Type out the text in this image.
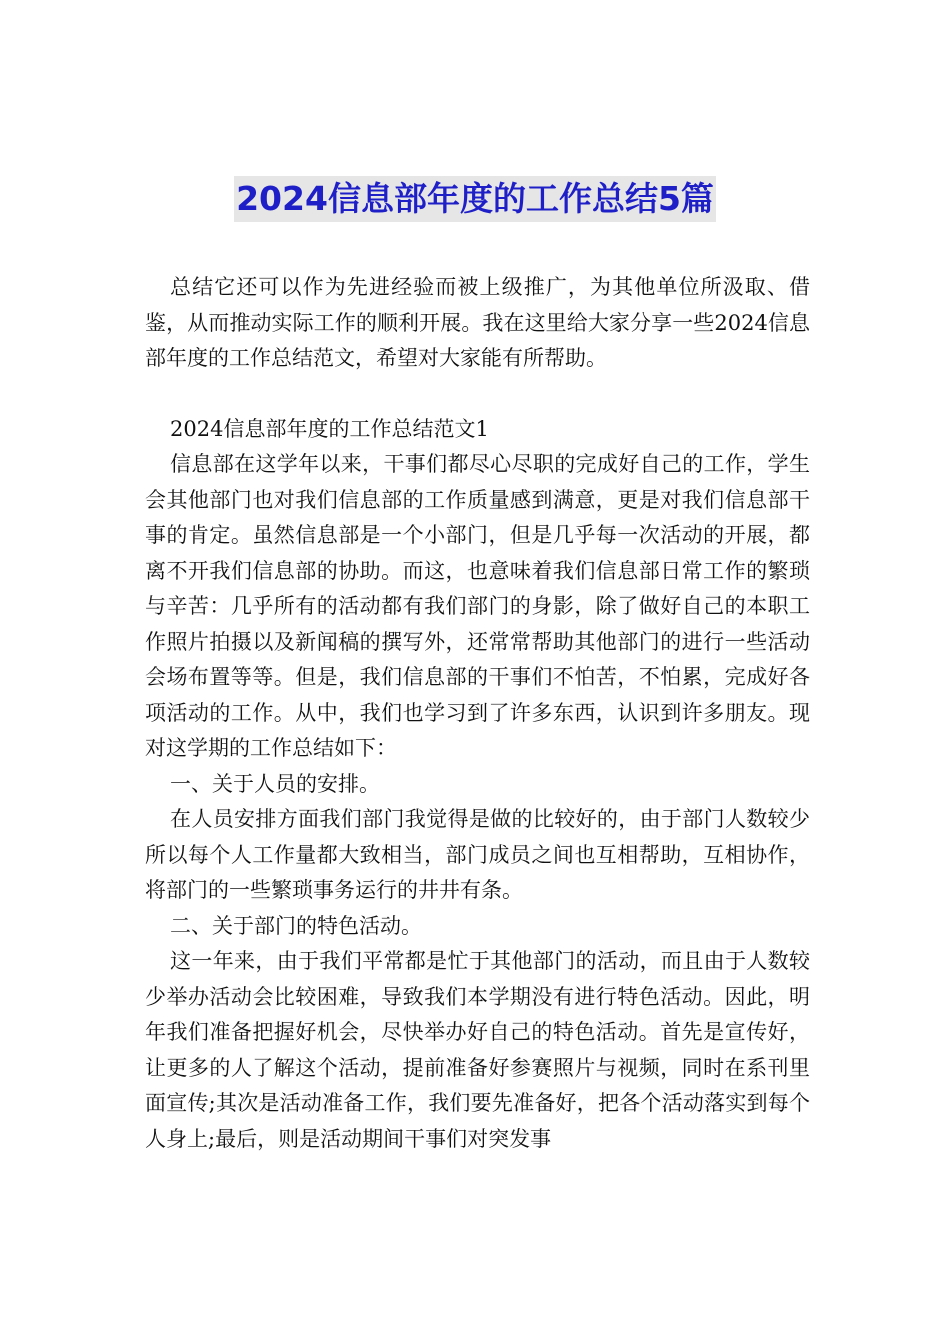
2024信息部年度的工作总结5篇

总结它还可以作为先进经验而被上级推广，为其他单位所汲取、借鉴，从而推动实际工作的顺利开展。我在这里给大家分享一些2024信息部年度的工作总结范文，希望对大家能有所帮助。

2024信息部年度的工作总结范文1

信息部在这学年以来，干事们都尽心尽职的完成好自己的工作，学生会其他部门也对我们信息部的工作质量感到满意，更是对我们信息部干事的肯定。虽然信息部是一个小部门，但是几乎每一次活动的开展，都离不开我们信息部的协助。而这，也意味着我们信息部日常工作的繁琐与辛苦：几乎所有的活动都有我们部门的身影，除了做好自己的本职工作照片拍摄以及新闻稿的撰写外，还常常帮助其他部门的进行一些活动会场布置等等。但是，我们信息部的干事们不怕苦，不怕累，完成好各项活动的工作。从中，我们也学习到了许多东西，认识到许多朋友。现对这学期的工作总结如下：

一、关于人员的安排。

在人员安排方面我们部门我觉得是做的比较好的，由于部门人数较少所以每个人工作量都大致相当，部门成员之间也互相帮助，互相协作，将部门的一些繁琐事务运行的井井有条。

二、关于部门的特色活动。

这一年来，由于我们平常都是忙于其他部门的活动，而且由于人数较少举办活动会比较困难，导致我们本学期没有进行特色活动。因此，明年我们准备把握好机会，尽快举办好自己的特色活动。首先是宣传好，让更多的人了解这个活动，提前准备好参赛照片与视频，同时在系刊里面宣传;其次是活动准备工作，我们要先准备好，把各个活动落实到每个人身上;最后，则是活动期间干事们对突发事
